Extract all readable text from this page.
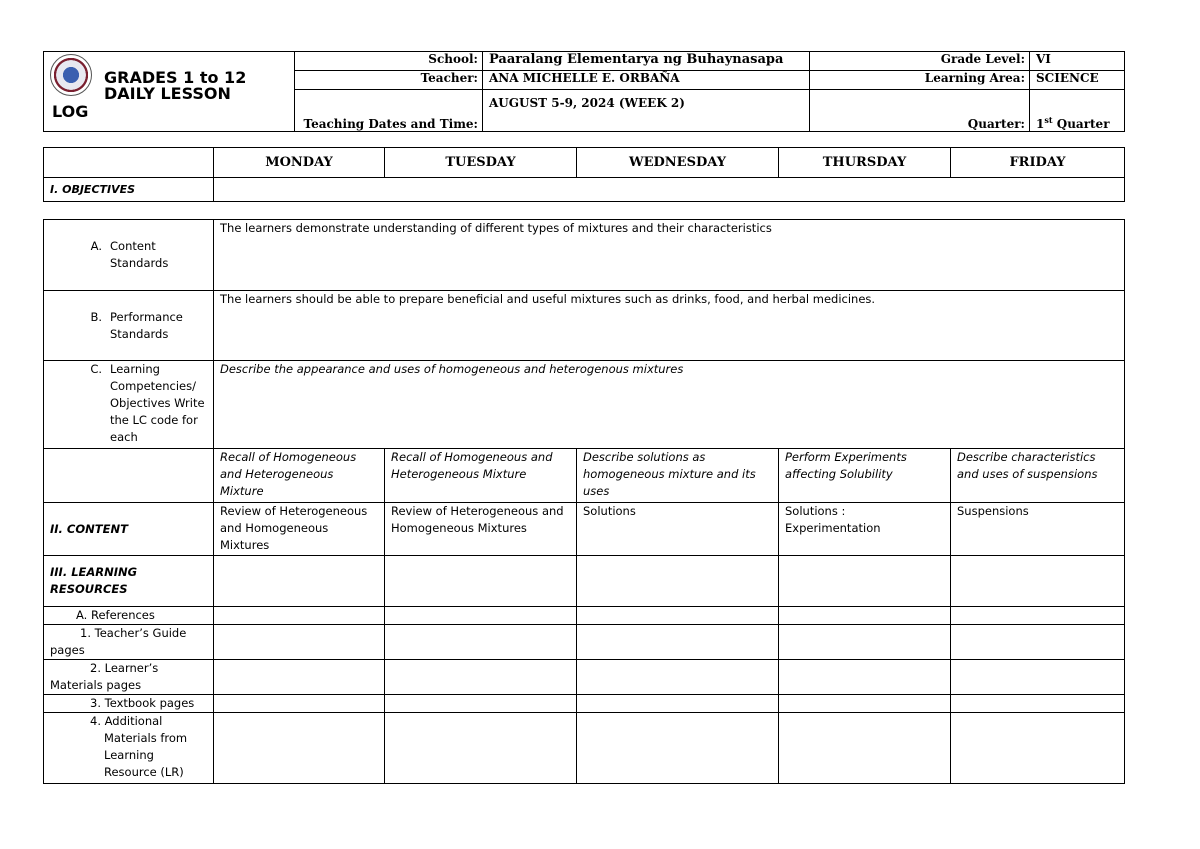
GRADES 1 to 12
DAILY LESSON
LOG	School:	Paaralang Elementarya ng Buhaynasapa	Grade Level:	VI
	Teacher:	ANA MICHELLE E. ORBAÑA	Learning Area:	SCIENCE
	Teaching Dates and Time:	AUGUST 5-9, 2024 (WEEK 2)	Quarter:	1st Quarter
	MONDAY	TUESDAY	WEDNESDAY	THURSDAY	FRIDAY
I. OBJECTIVES					
A. Content Standards	The learners demonstrate understanding of different types of mixtures and their characteristics				

B. Performance Standards	The learners should be able to prepare beneficial and useful mixtures such as drinks, food, and herbal medicines.				

C. Learning Competencies/ Objectives Write the LC code for each	Describe the appearance and uses of homogeneous and heterogenous mixtures				
	Recall of Homogeneous and Heterogeneous Mixture	Recall of Homogeneous and Heterogeneous Mixture	Describe solutions as homogeneous mixture and its uses	Perform Experiments affecting Solubility	Describe characteristics and uses of suspensions
II. CONTENT	Review of Heterogeneous and Homogeneous Mixtures	Review of Heterogeneous and Homogeneous Mixtures	Solutions	Solutions : Experimentation	Suspensions
III. LEARNING RESOURCES					
A. References					
1. Teacher’s Guide pages					
2. Learner’s Materials pages					
3. Textbook pages					
4. Additional Materials from Learning Resource (LR)					
